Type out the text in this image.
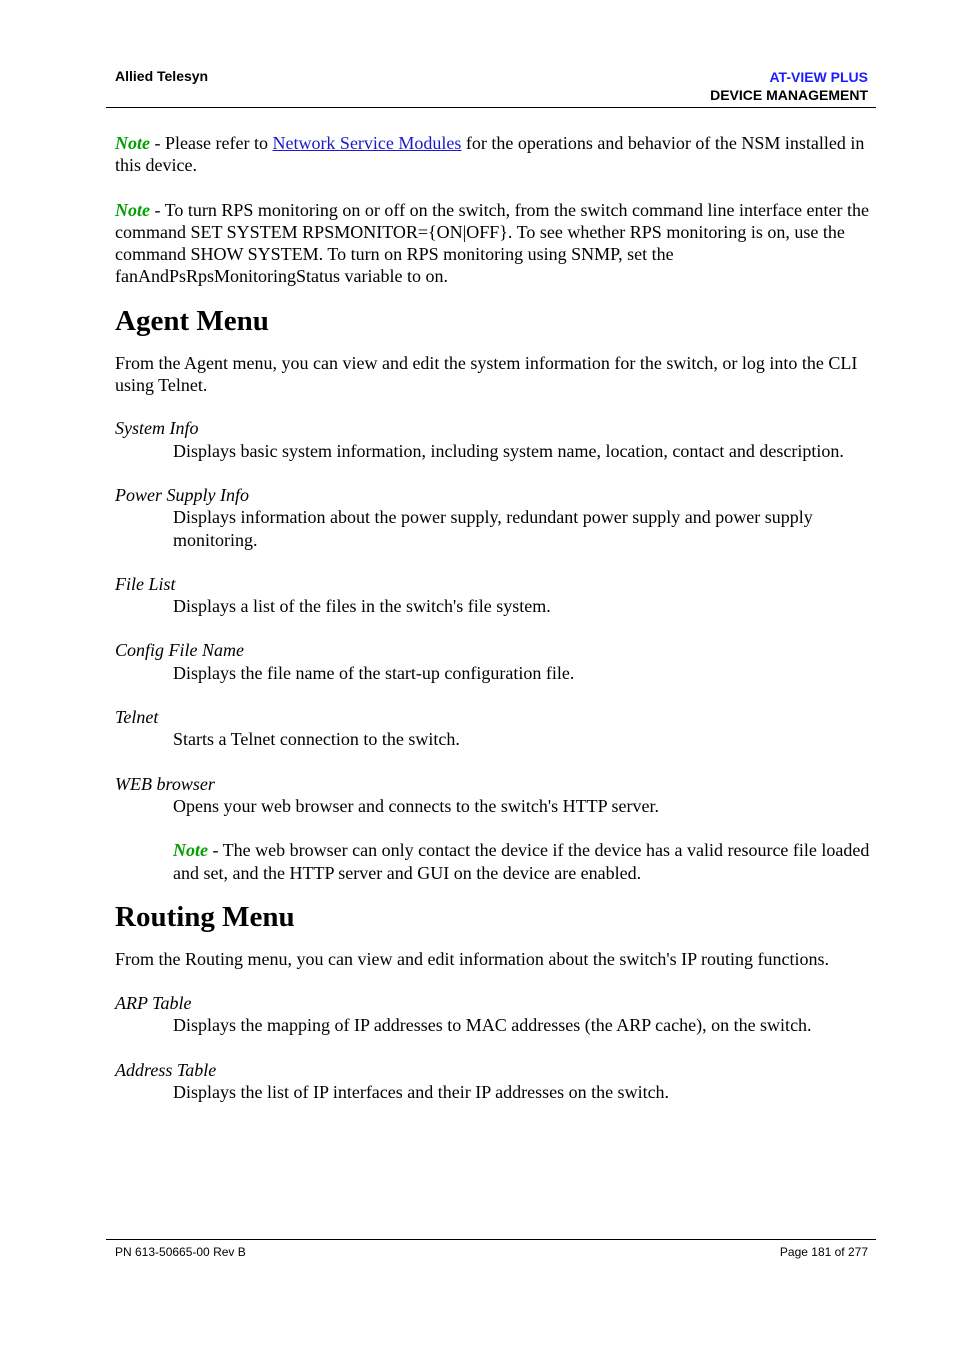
Allied Telesyn	AT-VIEW PLUS
DEVICE MANAGEMENT

Note - Please refer to Network Service Modules for the operations and behavior of the NSM installed in this device.

Note - To turn RPS monitoring on or off on the switch, from the switch command line interface enter the command SET SYSTEM RPSMONITOR={ON|OFF}. To see whether RPS monitoring is on, use the command SHOW SYSTEM. To turn on RPS monitoring using SNMP, set the fanAndPsRpsMonitoringStatus variable to on.

Agent Menu

From the Agent menu, you can view and edit the system information for the switch, or log into the CLI using Telnet.

System Info
Displays basic system information, including system name, location, contact and description.
Power Supply Info
Displays information about the power supply, redundant power supply and power supply monitoring.
File List
Displays a list of the files in the switch's file system.
Config File Name
Displays the file name of the start-up configuration file.
Telnet
Starts a Telnet connection to the switch.
WEB browser
Opens your web browser and connects to the switch's HTTP server.

Note - The web browser can only contact the device if the device has a valid resource file loaded and set, and the HTTP server and GUI on the device are enabled.

Routing Menu

From the Routing menu, you can view and edit information about the switch's IP routing functions.

ARP Table
Displays the mapping of IP addresses to MAC addresses (the ARP cache), on the switch.
Address Table
Displays the list of IP interfaces and their IP addresses on the switch.
PN 613-50665-00 Rev B	Page 181 of 277
